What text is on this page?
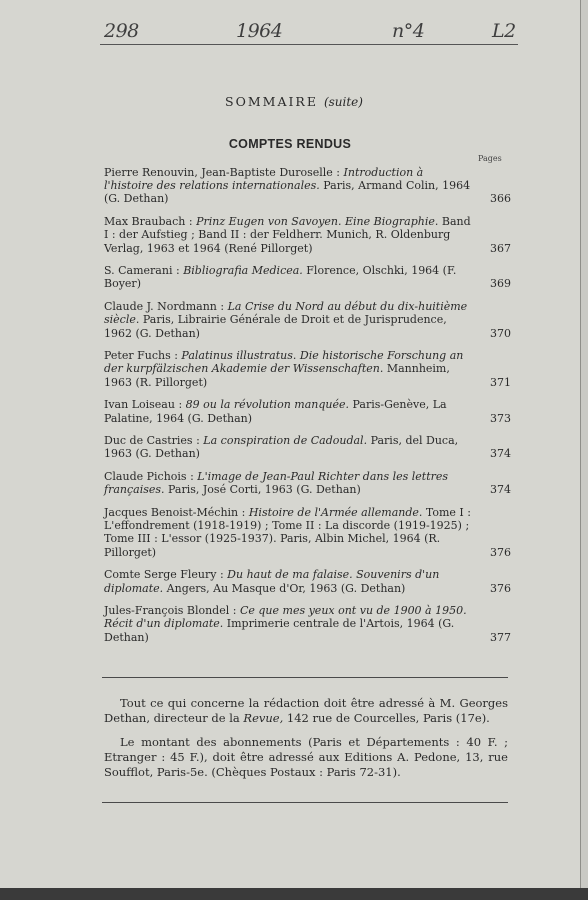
298	1964	n°4	L2
SOMMAIRE (suite)
COMPTES RENDUS
Pages
Pierre Renouvin, Jean-Baptiste Duroselle : Introduction à l'histoire des relations internationales. Paris, Armand Colin, 1964 (G. Dethan)	366
Max Braubach : Prinz Eugen von Savoyen. Eine Biographie. Band I : der Aufstieg ; Band II : der Feldherr. Munich, R. Oldenburg Verlag, 1963 et 1964 (René Pillorget)	367
S. Camerani : Bibliografia Medicea. Florence, Olschki, 1964 (F. Boyer)	369
Claude J. Nordmann : La Crise du Nord au début du dix-huitième siècle. Paris, Librairie Générale de Droit et de Jurisprudence, 1962 (G. Dethan)	370
Peter Fuchs : Palatinus illustratus. Die historische Forschung an der kurpfälzischen Akademie der Wissenschaften. Mannheim, 1963 (R. Pillorget)	371
Ivan Loiseau : 89 ou la révolution manquée. Paris-Genève, La Palatine, 1964 (G. Dethan)	373
Duc de Castries : La conspiration de Cadoudal. Paris, del Duca, 1963 (G. Dethan)	374
Claude Pichois : L'image de Jean-Paul Richter dans les lettres françaises. Paris, José Corti, 1963 (G. Dethan)	374
Jacques Benoist-Méchin : Histoire de l'Armée allemande. Tome I : L'effondrement (1918-1919) ; Tome II : La discorde (1919-1925) ; Tome III : L'essor (1925-1937). Paris, Albin Michel, 1964 (R. Pillorget)	376
Comte Serge Fleury : Du haut de ma falaise. Souvenirs d'un diplomate. Angers, Au Masque d'Or, 1963 (G. Dethan)	376
Jules-François Blondel : Ce que mes yeux ont vu de 1900 à 1950. Récit d'un diplomate. Imprimerie centrale de l'Artois, 1964 (G. Dethan)	377

Tout ce qui concerne la rédaction doit être adressé à M. Georges Dethan, directeur de la Revue, 142 rue de Courcelles, Paris (17e).

Le montant des abonnements (Paris et Départements : 40 F. ; Etranger : 45 F.), doit être adressé aux Editions A. Pedone, 13, rue Soufflot, Paris-5e. (Chèques Postaux : Paris 72-31).
